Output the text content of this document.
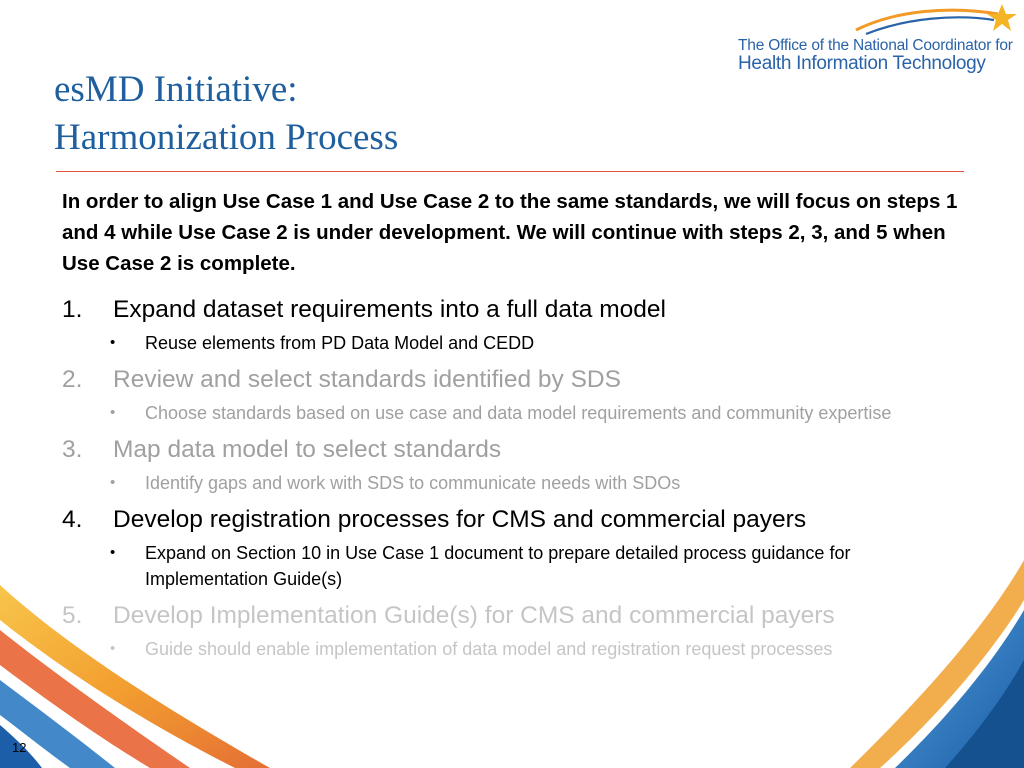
The Office of the National Coordinator for
Health Information Technology
esMD Initiative:
Harmonization Process

In order to align Use Case 1 and Use Case 2 to the same standards, we will focus on steps 1 and 4 while Use Case 2 is under development. We will continue with steps 2, 3, and 5 when Use Case 2 is complete.

1.	Expand dataset requirements into a full data model
•	Reuse elements from PD Data Model and CEDD
2.	Review and select standards identified by SDS
•	Choose standards based on use case and data model requirements and community expertise
3.	Map data model to select standards
•	Identify gaps and work with SDS to communicate needs with SDOs
4.	Develop registration processes for CMS and commercial payers
•	Expand on Section 10 in Use Case 1 document to prepare detailed process guidance for Implementation Guide(s)
5.	Develop Implementation Guide(s) for CMS and commercial payers
•	Guide should enable implementation of data model and registration request processes
12
